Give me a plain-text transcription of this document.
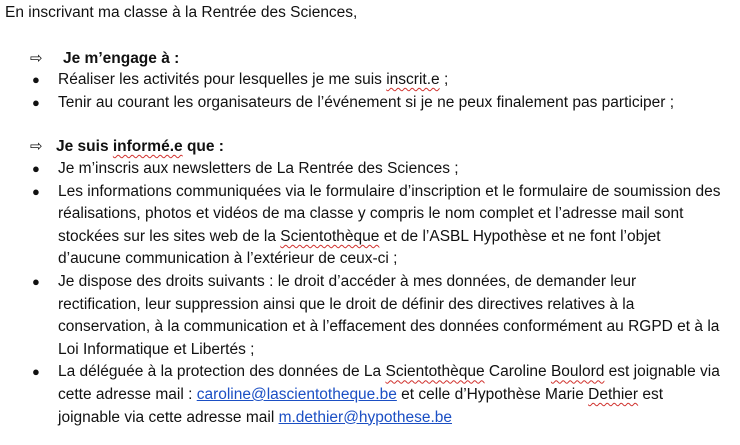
En inscrivant ma classe à la Rentrée des Sciences,
⇨ Je m’engage à :
● Réaliser les activités pour lesquelles je me suis inscrit.e ;
● Tenir au courant les organisateurs de l’événement si je ne peux finalement pas participer ;
⇨ Je suis informé.e que :
● Je m’inscris aux newsletters de La Rentrée des Sciences ;
● Les informations communiquées via le formulaire d’inscription et le formulaire de soumission des réalisations, photos et vidéos de ma classe y compris le nom complet et l’adresse mail sont stockées sur les sites web de la Scientothèque et de l’ASBL Hypothèse et ne font l’objet d’aucune communication à l’extérieur de ceux-ci ;
● Je dispose des droits suivants : le droit d’accéder à mes données, de demander leur rectification, leur suppression ainsi que le droit de définir des directives relatives à la conservation, à la communication et à l’effacement des données conformément au RGPD et à la Loi Informatique et Libertés ;
● La déléguée à la protection des données de La Scientothèque Caroline Boulord est joignable via cette adresse mail : caroline@lascientotheque.be et celle d’Hypothèse Marie Dethier est joignable via cette adresse mail m.dethier@hypothese.be
